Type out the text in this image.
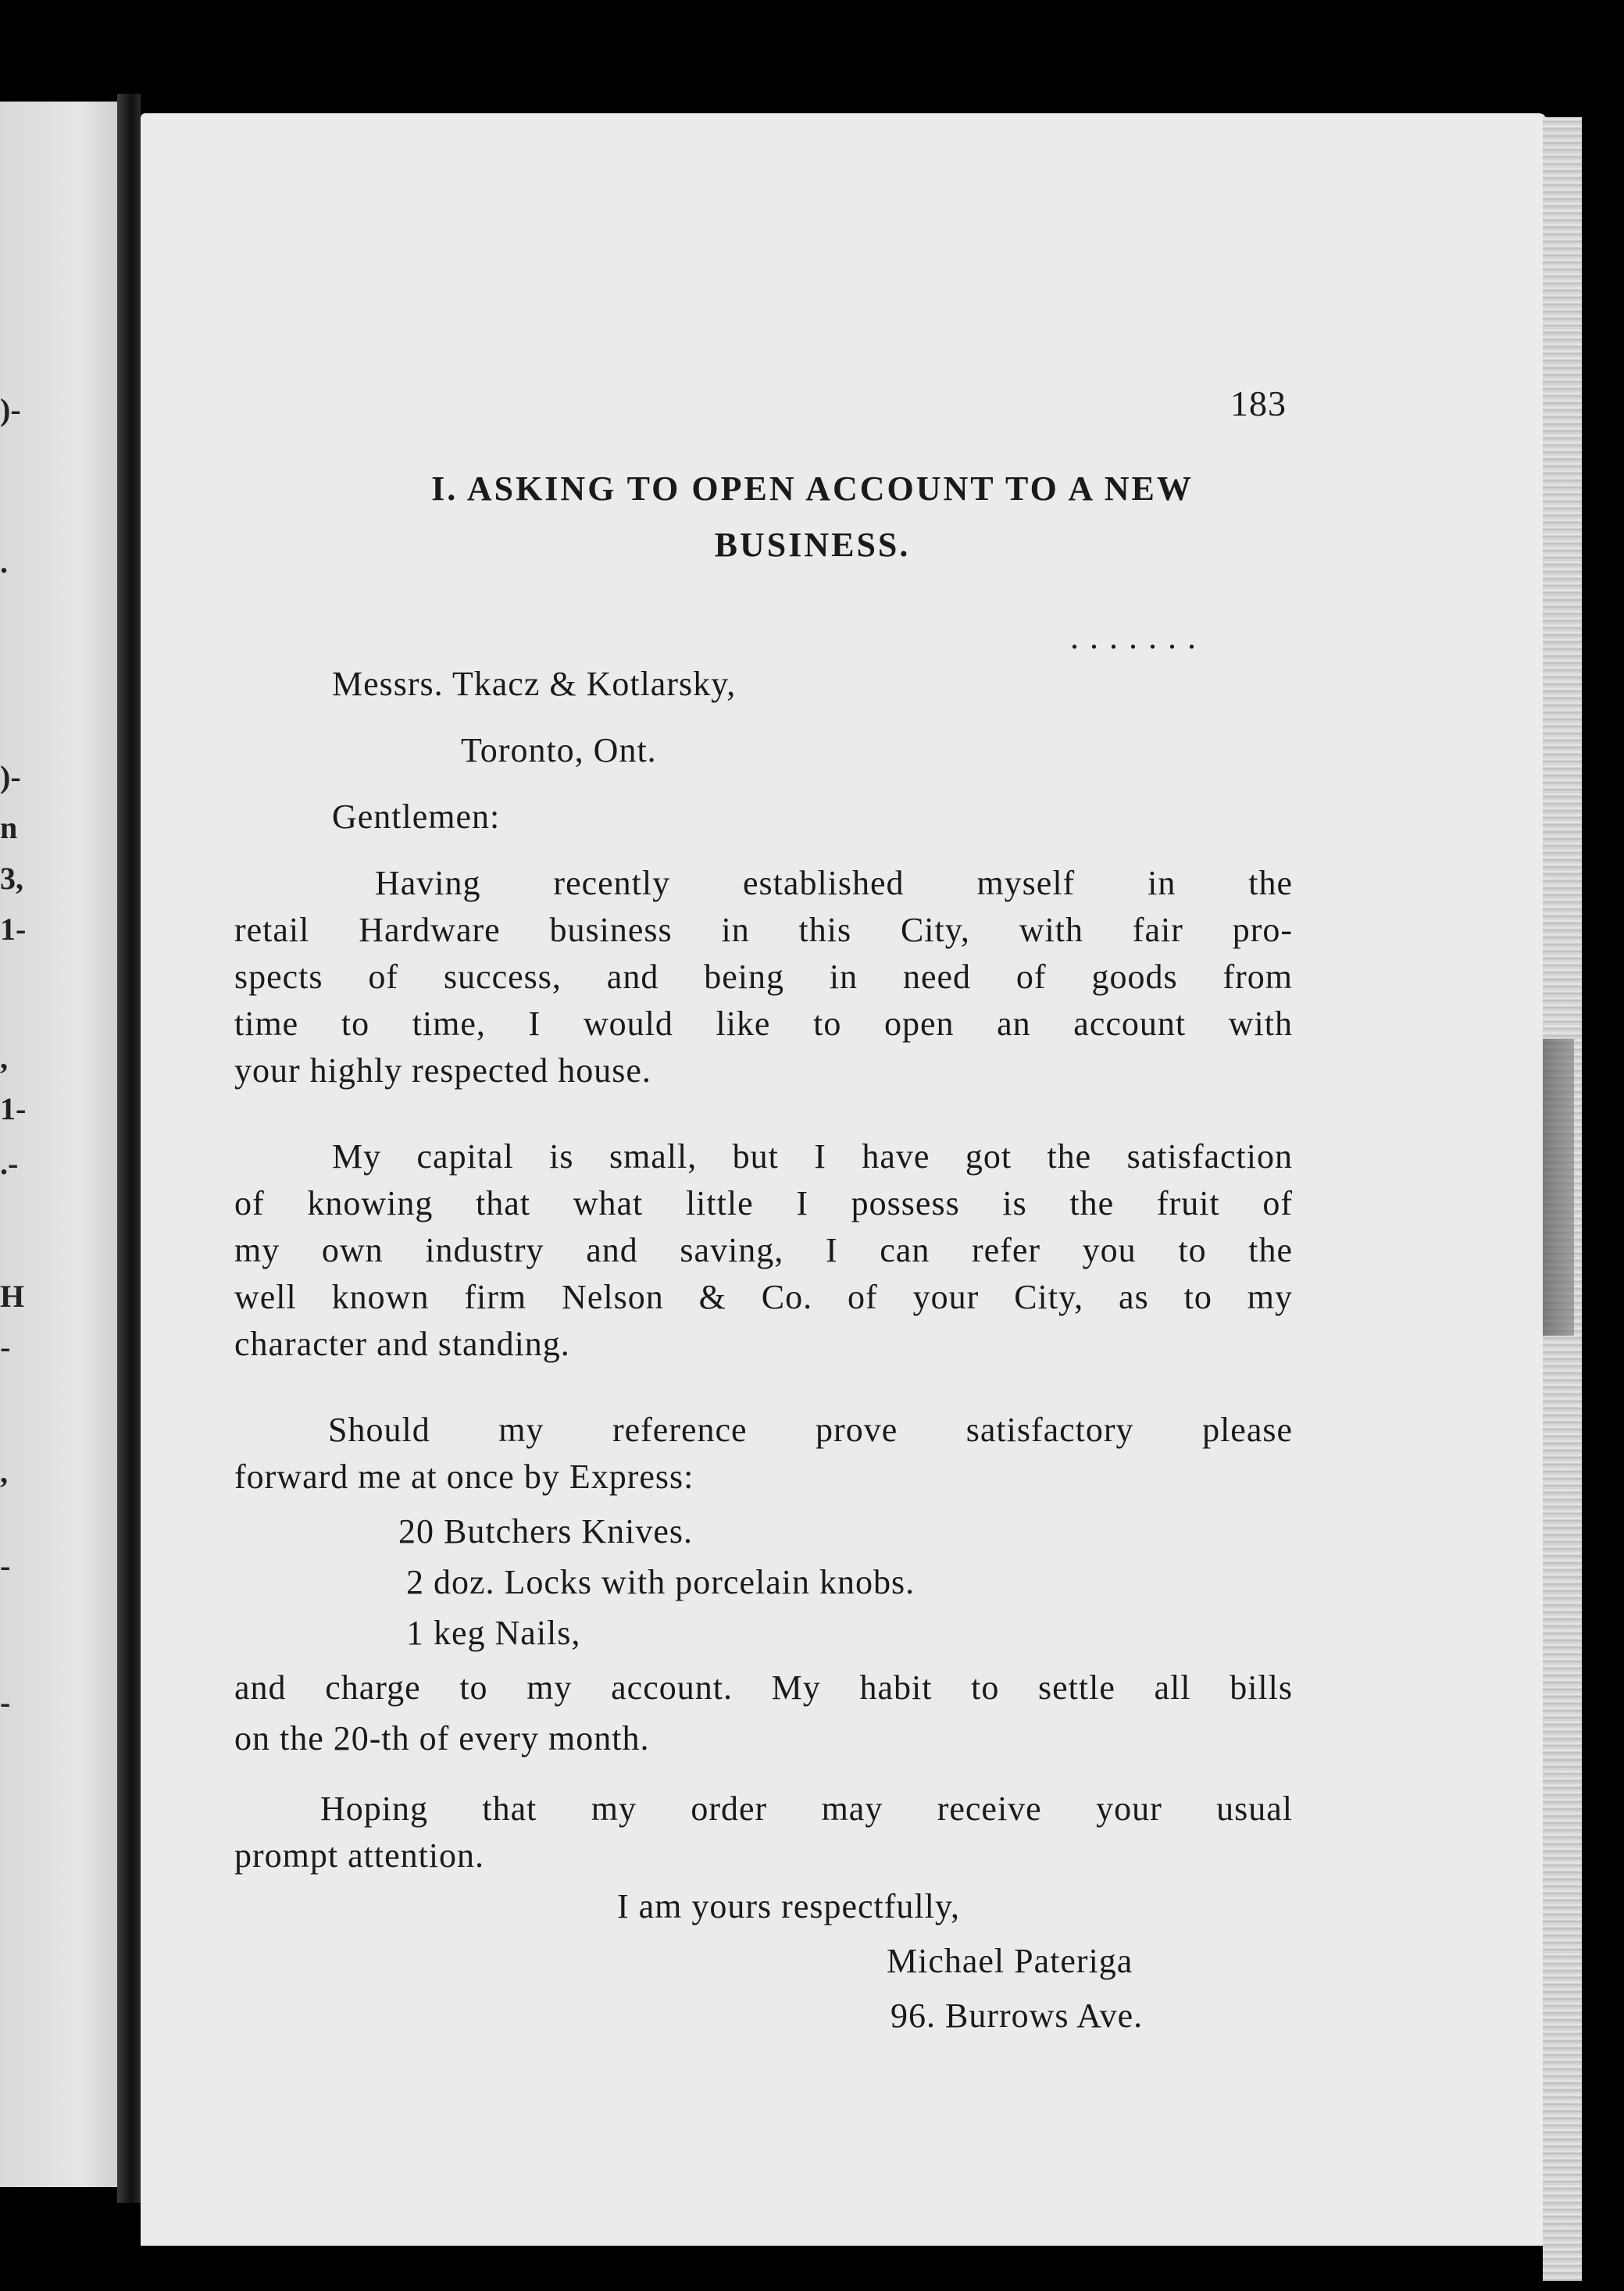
)-
.
)-
n
3,
1-
,
1-
.-
H
-
,
-
-
183
I. ASKING TO OPEN ACCOUNT TO A NEW
BUSINESS.
.......
Messrs. Tkacz & Kotlarsky,
Toronto, Ont.
Gentlemen:
Having recently established myself in the
retail Hardware business in this City, with fair pro-
spects of success, and being in need of goods from
time to time, I would like to open an account with
your highly respected house.
My capital is small, but I have got the satisfaction
of knowing that what little I possess is the fruit of
my own industry and saving, I can refer you to the
well known firm Nelson & Co. of your City, as to my
character and standing.
Should my reference prove satisfactory please
forward me at once by Express:
20 Butchers Knives.
2 doz. Locks with porcelain knobs.
1 keg Nails,
and charge to my account. My habit to settle all bills
on the 20-th of every month.
Hoping that my order may receive your usual
prompt attention.
I am yours respectfully,
Michael Pateriga
96. Burrows Ave.
